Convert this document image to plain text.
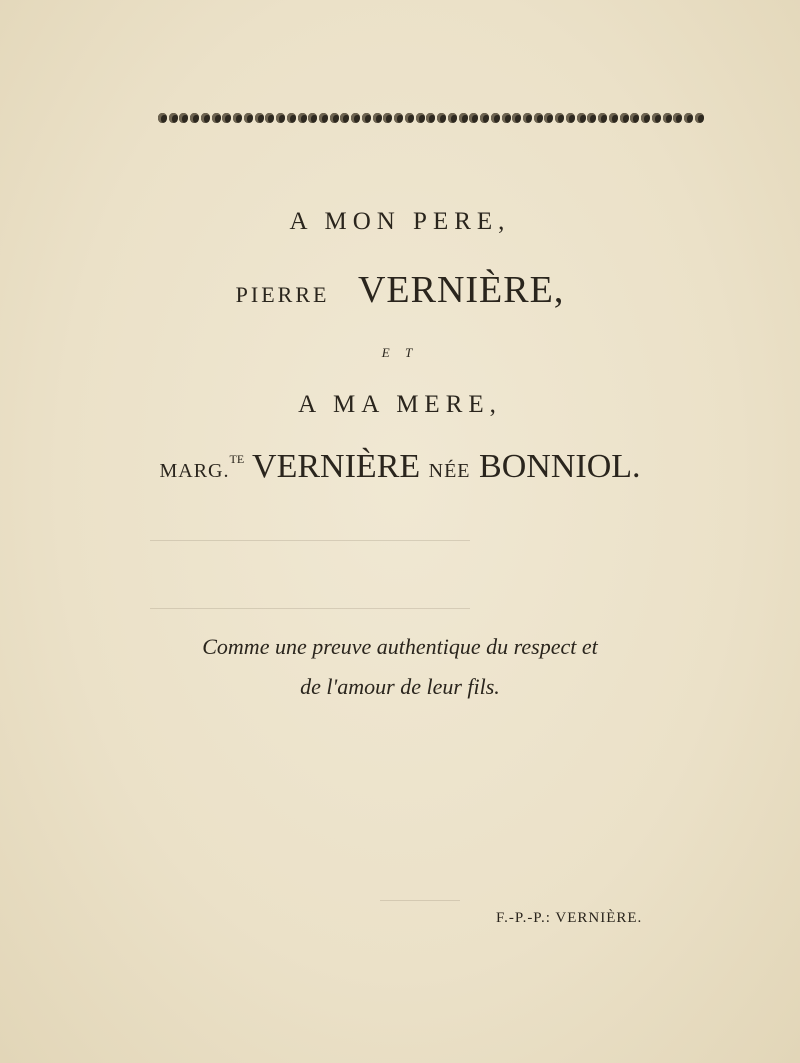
A MON PERE,
PIERRE VERNIÈRE,
E T
A MA MERE,
MARG.$^{TE}$ VERNIÈRE NÉE BONNIOL.
Comme une preuve authentique du respect et
de l'amour de leur fils.
F.-P.-P.: VERNIÈRE.
